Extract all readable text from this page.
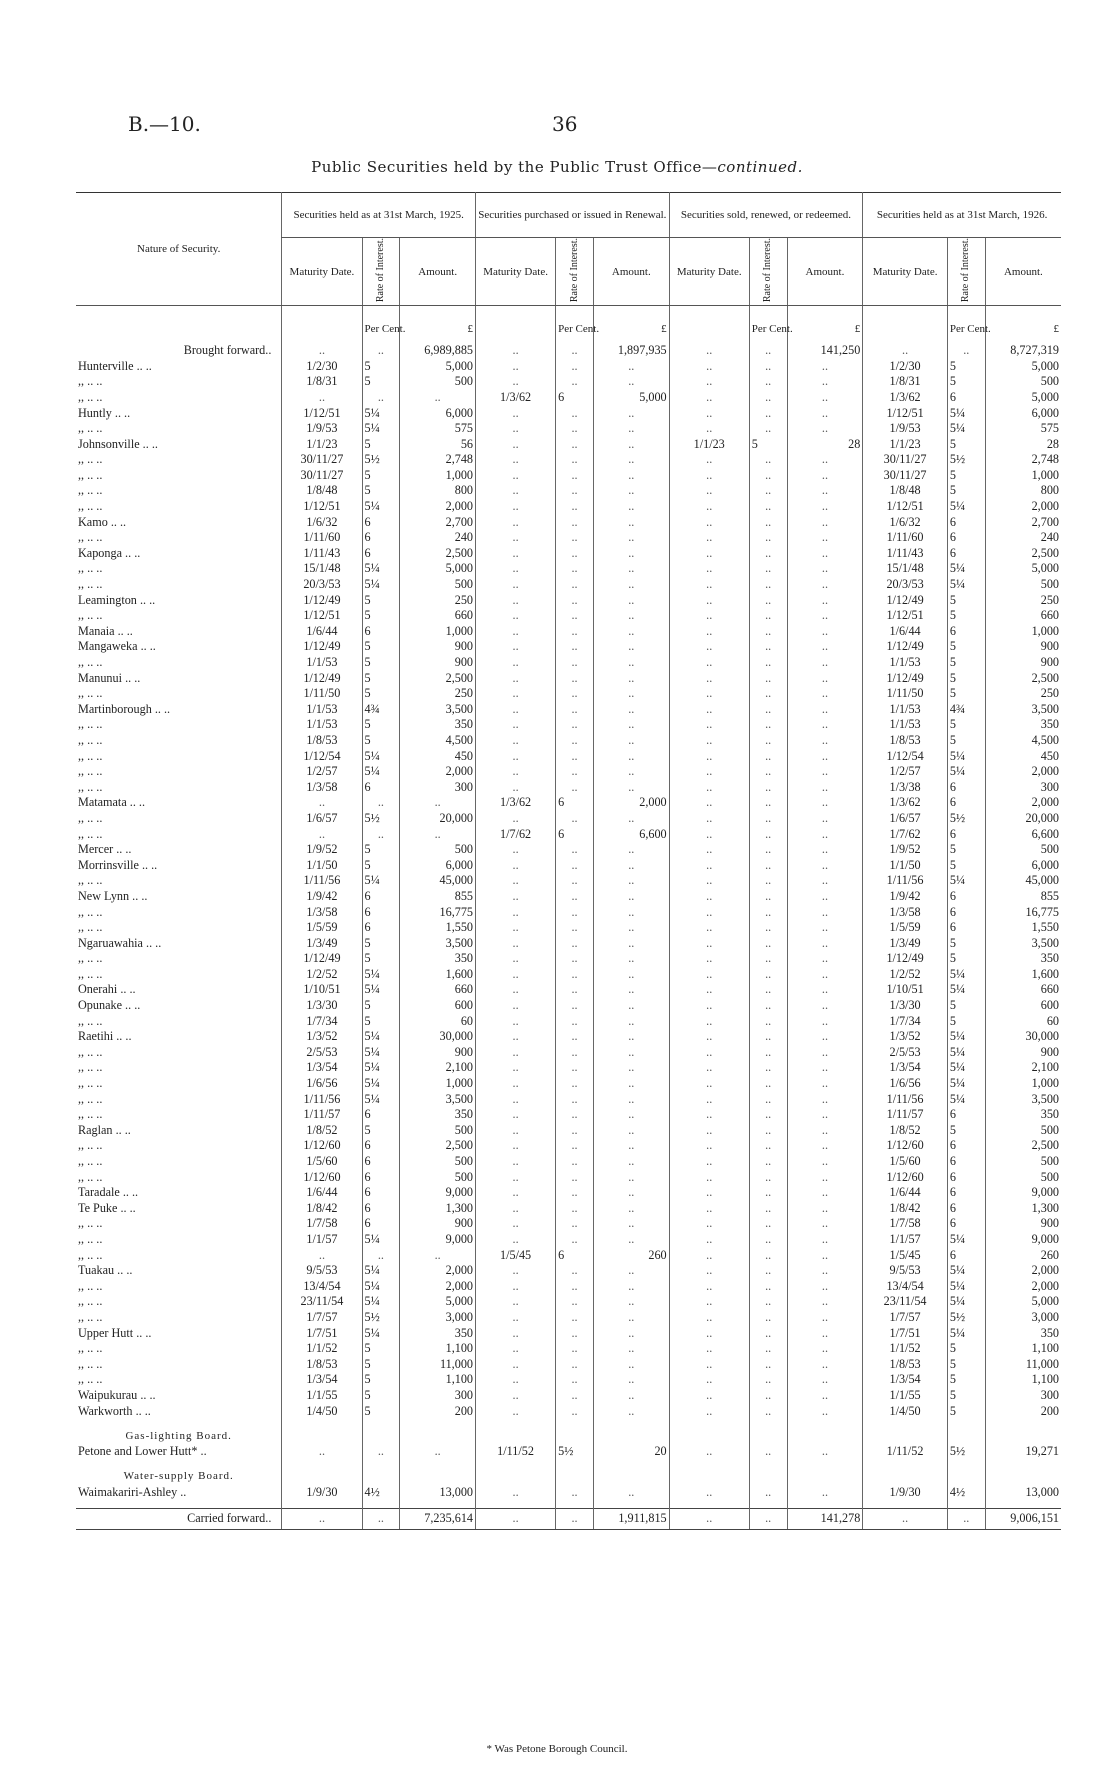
B.—10.	36
Public Securities held by the Public Trust Office—continued.
Nature of Security.	Securities held as at 31st March, 1925.			Securities purchased or issued in Renewal.			Securities sold, renewed, or redeemed.			Securities held as at 31st March, 1926.		
	Maturity Date.	Rate of Interest.	Amount.	Maturity Date.	Rate of Interest.	Amount.	Maturity Date.	Rate of Interest.	Amount.	Maturity Date.	Rate of Interest.	Amount.
		Per Cent.	£		Per Cent.	£		Per Cent.	£		Per Cent.	£
Brought forward..	..	..	6,989,885	..	..	1,897,935	..	..	141,250	..	..	8,727,319
Hunterville .. ..	1/2/30	5	5,000	..	..	..	..	..	..	1/2/30	5	5,000
,, .. ..	1/8/31	5	500	..	..	..	..	..	..	1/8/31	5	500
,, .. ..	..	..	..	1/3/62	6	5,000	..	..	..	1/3/62	6	5,000
Huntly .. ..	1/12/51	5¼	6,000	..	..	..	..	..	..	1/12/51	5¼	6,000
,, .. ..	1/9/53	5¼	575	..	..	..	..	..	..	1/9/53	5¼	575
Johnsonville .. ..	1/1/23	5	56	..	..	..	1/1/23	5	28	1/1/23	5	28
,, .. ..	30/11/27	5½	2,748	..	..	..	..	..	..	30/11/27	5½	2,748
,, .. ..	30/11/27	5	1,000	..	..	..	..	..	..	30/11/27	5	1,000
,, .. ..	1/8/48	5	800	..	..	..	..	..	..	1/8/48	5	800
,, .. ..	1/12/51	5¼	2,000	..	..	..	..	..	..	1/12/51	5¼	2,000
Kamo .. ..	1/6/32	6	2,700	..	..	..	..	..	..	1/6/32	6	2,700
,, .. ..	1/11/60	6	240	..	..	..	..	..	..	1/11/60	6	240
Kaponga .. ..	1/11/43	6	2,500	..	..	..	..	..	..	1/11/43	6	2,500
,, .. ..	15/1/48	5¼	5,000	..	..	..	..	..	..	15/1/48	5¼	5,000
,, .. ..	20/3/53	5¼	500	..	..	..	..	..	..	20/3/53	5¼	500
Leamington .. ..	1/12/49	5	250	..	..	..	..	..	..	1/12/49	5	250
,, .. ..	1/12/51	5	660	..	..	..	..	..	..	1/12/51	5	660
Manaia .. ..	1/6/44	6	1,000	..	..	..	..	..	..	1/6/44	6	1,000
Mangaweka .. ..	1/12/49	5	900	..	..	..	..	..	..	1/12/49	5	900
,, .. ..	1/1/53	5	900	..	..	..	..	..	..	1/1/53	5	900
Manunui .. ..	1/12/49	5	2,500	..	..	..	..	..	..	1/12/49	5	2,500
,, .. ..	1/11/50	5	250	..	..	..	..	..	..	1/11/50	5	250
Martinborough .. ..	1/1/53	4¾	3,500	..	..	..	..	..	..	1/1/53	4¾	3,500
,, .. ..	1/1/53	5	350	..	..	..	..	..	..	1/1/53	5	350
,, .. ..	1/8/53	5	4,500	..	..	..	..	..	..	1/8/53	5	4,500
,, .. ..	1/12/54	5¼	450	..	..	..	..	..	..	1/12/54	5¼	450
,, .. ..	1/2/57	5¼	2,000	..	..	..	..	..	..	1/2/57	5¼	2,000
,, .. ..	1/3/58	6	300	..	..	..	..	..	..	1/3/38	6	300
Matamata .. ..	..	..	..	1/3/62	6	2,000	..	..	..	1/3/62	6	2,000
,, .. ..	1/6/57	5½	20,000	..	..	..	..	..	..	1/6/57	5½	20,000
,, .. ..	..	..	..	1/7/62	6	6,600	..	..	..	1/7/62	6	6,600
Mercer .. ..	1/9/52	5	500	..	..	..	..	..	..	1/9/52	5	500
Morrinsville .. ..	1/1/50	5	6,000	..	..	..	..	..	..	1/1/50	5	6,000
,, .. ..	1/11/56	5¼	45,000	..	..	..	..	..	..	1/11/56	5¼	45,000
New Lynn .. ..	1/9/42	6	855	..	..	..	..	..	..	1/9/42	6	855
,, .. ..	1/3/58	6	16,775	..	..	..	..	..	..	1/3/58	6	16,775
,, .. ..	1/5/59	6	1,550	..	..	..	..	..	..	1/5/59	6	1,550
Ngaruawahia .. ..	1/3/49	5	3,500	..	..	..	..	..	..	1/3/49	5	3,500
,, .. ..	1/12/49	5	350	..	..	..	..	..	..	1/12/49	5	350
,, .. ..	1/2/52	5¼	1,600	..	..	..	..	..	..	1/2/52	5¼	1,600
Onerahi .. ..	1/10/51	5¼	660	..	..	..	..	..	..	1/10/51	5¼	660
Opunake .. ..	1/3/30	5	600	..	..	..	..	..	..	1/3/30	5	600
,, .. ..	1/7/34	5	60	..	..	..	..	..	..	1/7/34	5	60
Raetihi .. ..	1/3/52	5¼	30,000	..	..	..	..	..	..	1/3/52	5¼	30,000
,, .. ..	2/5/53	5¼	900	..	..	..	..	..	..	2/5/53	5¼	900
,, .. ..	1/3/54	5¼	2,100	..	..	..	..	..	..	1/3/54	5¼	2,100
,, .. ..	1/6/56	5¼	1,000	..	..	..	..	..	..	1/6/56	5¼	1,000
,, .. ..	1/11/56	5¼	3,500	..	..	..	..	..	..	1/11/56	5¼	3,500
,, .. ..	1/11/57	6	350	..	..	..	..	..	..	1/11/57	6	350
Raglan .. ..	1/8/52	5	500	..	..	..	..	..	..	1/8/52	5	500
,, .. ..	1/12/60	6	2,500	..	..	..	..	..	..	1/12/60	6	2,500
,, .. ..	1/5/60	6	500	..	..	..	..	..	..	1/5/60	6	500
,, .. ..	1/12/60	6	500	..	..	..	..	..	..	1/12/60	6	500
Taradale .. ..	1/6/44	6	9,000	..	..	..	..	..	..	1/6/44	6	9,000
Te Puke .. ..	1/8/42	6	1,300	..	..	..	..	..	..	1/8/42	6	1,300
,, .. ..	1/7/58	6	900	..	..	..	..	..	..	1/7/58	6	900
,, .. ..	1/1/57	5¼	9,000	..	..	..	..	..	..	1/1/57	5¼	9,000
,, .. ..	..	..	..	1/5/45	6	260	..	..	..	1/5/45	6	260
Tuakau .. ..	9/5/53	5¼	2,000	..	..	..	..	..	..	9/5/53	5¼	2,000
,, .. ..	13/4/54	5¼	2,000	..	..	..	..	..	..	13/4/54	5¼	2,000
,, .. ..	23/11/54	5¼	5,000	..	..	..	..	..	..	23/11/54	5¼	5,000
,, .. ..	1/7/57	5½	3,000	..	..	..	..	..	..	1/7/57	5½	3,000
Upper Hutt .. ..	1/7/51	5¼	350	..	..	..	..	..	..	1/7/51	5¼	350
,, .. ..	1/1/52	5	1,100	..	..	..	..	..	..	1/1/52	5	1,100
,, .. ..	1/8/53	5	11,000	..	..	..	..	..	..	1/8/53	5	11,000
,, .. ..	1/3/54	5	1,100	..	..	..	..	..	..	1/3/54	5	1,100
Waipukurau .. ..	1/1/55	5	300	..	..	..	..	..	..	1/1/55	5	300
Warkworth .. ..	1/4/50	5	200	..	..	..	..	..	..	1/4/50	5	200

Gas-lighting Board.												
Petone and Lower Hutt* ..	..	..	..	1/11/52	5½	20	..	..	..	1/11/52	5½	19,271

Water-supply Board.												
Waimakariri-Ashley ..	1/9/30	4½	13,000	..	..	..	..	..	..	1/9/30	4½	13,000

Carried forward..	..	..	7,235,614	..	..	1,911,815	..	..	141,278	..	..	9,006,151
* Was Petone Borough Council.
